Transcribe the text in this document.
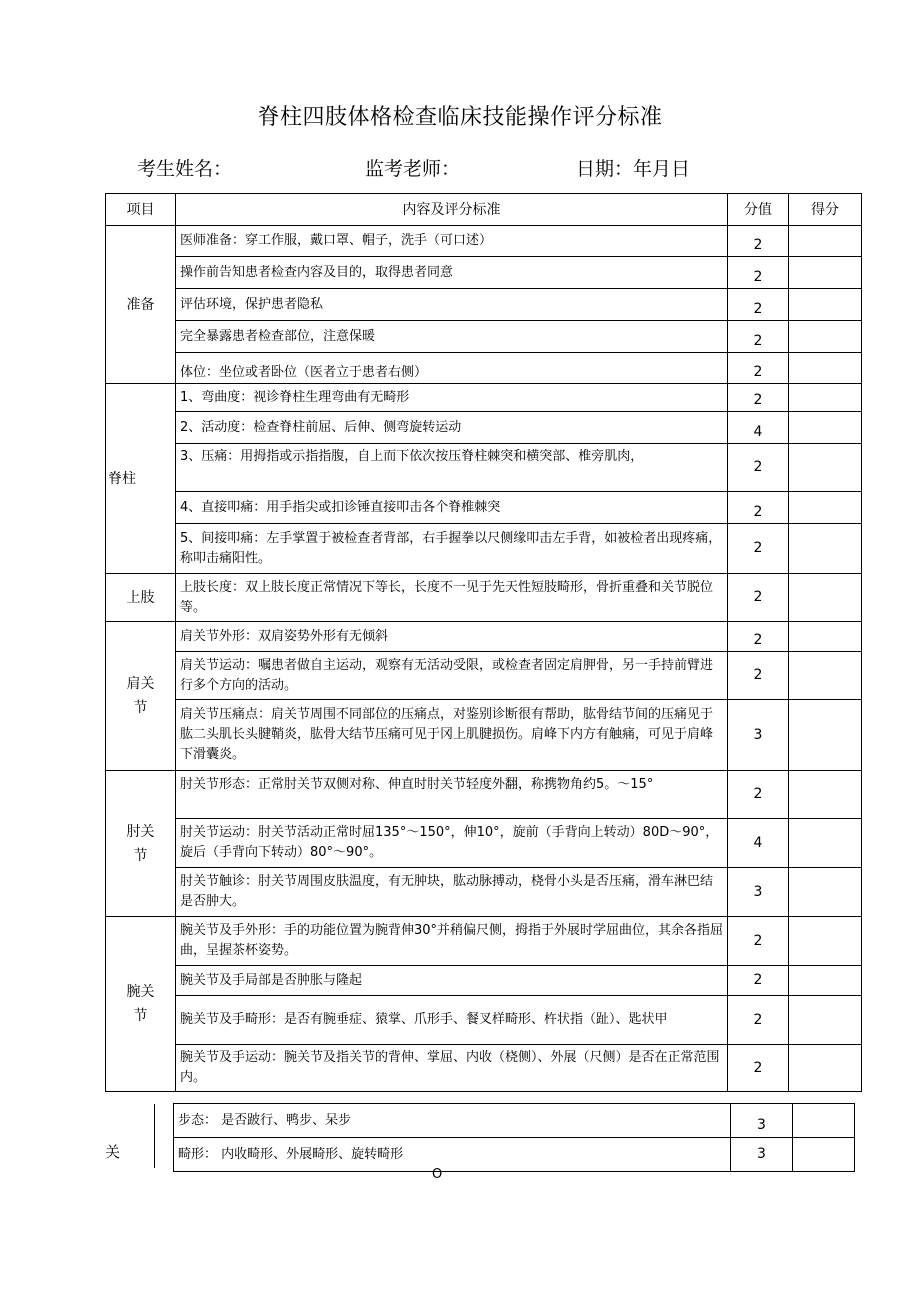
脊柱四肢体格检查临床技能操作评分标准
考生姓名：	监考老师：	日期：年月日
项目	内容及评分标准	分值	得分
准备	医师准备：穿工作服，戴口罩、帽子，洗手（可口述）	2	
	操作前告知患者检查内容及目的，取得患者同意	2	
	评估环境，保护患者隐私	2	
	完全暴露患者检查部位，注意保暖	2	
	体位：坐位或者卧位（医者立于患者右侧）	2	
脊柱	1、弯曲度：视诊脊柱生理弯曲有无畸形	2	
	2、活动度：检查脊柱前屈、后伸、侧弯旋转运动	4	
	3、压痛：用拇指或示指指腹，自上而下依次按压脊柱棘突和横突部、椎旁肌肉，	2	
	4、直接叩痛：用手指尖或扣诊锤直接叩击各个脊椎棘突	2	
	5、间接叩痛：左手掌置于被检查者背部，右手握拳以尺侧缘叩击左手背，如被检者出现疼痛，称叩击痛阳性。	2	
上肢	上肢长度：双上肢长度正常情况下等长，长度不一见于先天性短肢畸形，骨折重叠和关节脱位等。	2	
肩关节	肩关节外形：双肩姿势外形有无倾斜	2	
	肩关节运动：嘱患者做自主运动，观察有无活动受限，或检查者固定肩胛骨，另一手持前臂进行多个方向的活动。	2	
	肩关节压痛点：肩关节周围不同部位的压痛点，对鉴别诊断很有帮助，肱骨结节间的压痛见于肱二头肌长头腱鞘炎，肱骨大结节压痛可见于冈上肌腱损伤。肩峰下内方有触痛，可见于肩峰下滑囊炎。	3	
肘关节	肘关节形态：正常肘关节双侧对称、伸直时肘关节轻度外翻，称携物角约5。～15°	2	
	肘关节运动：肘关节活动正常时屈135°～150°，伸10°，旋前（手背向上转动）80D～90°，旋后（手背向下转动）80°～90°。	4	
	肘关节触诊：肘关节周围皮肤温度，有无肿块，肱动脉搏动，桡骨小头是否压痛，滑车淋巴结是否肿大。	3	
腕关节	腕关节及手外形：手的功能位置为腕背伸30°并稍偏尺侧，拇指于外展时学屈曲位，其余各指屈曲，呈握茶杯姿势。	2	
	腕关节及手局部是否肿胀与隆起	2	
	腕关节及手畸形：是否有腕垂症、猿掌、爪形手、餐叉样畸形、杵状指（趾）、匙状甲	2	
	腕关节及手运动：腕关节及指关节的背伸、掌屈、内收（桡侧）、外展（尺侧）是否在正常范围内。	2	
关
步态： 是否跛行、鸭步、呆步	3	
畸形： 内收畸形、外展畸形、旋转畸形	3	
O
